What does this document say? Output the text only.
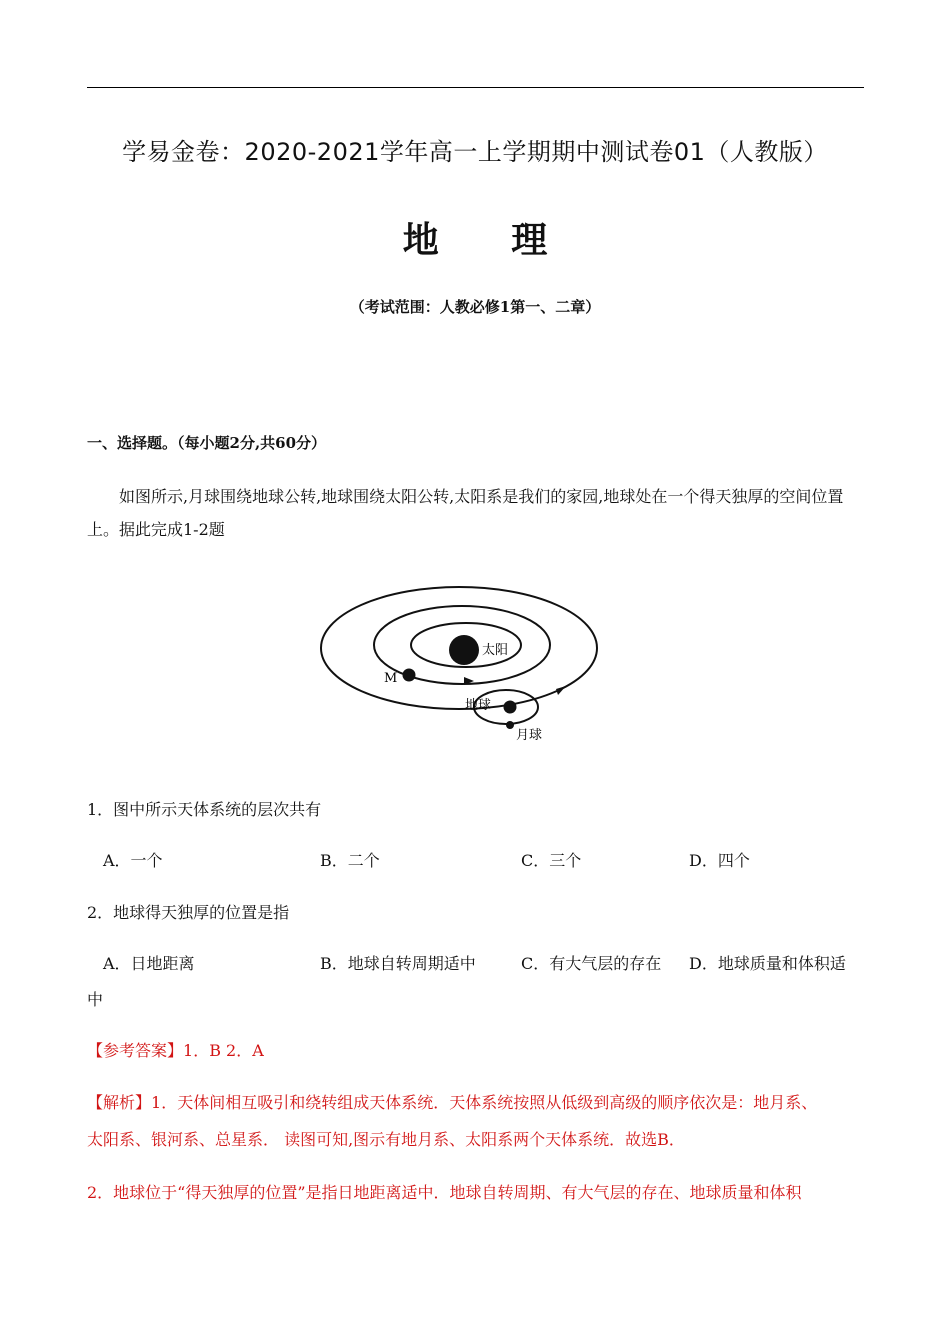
学易金卷：2020-2021学年高一上学期期中测试卷01（人教版）
地 理
（考试范围：人教必修1第一、二章）
一、选择题。（每小题2分,共60分）
如图所示,月球围绕地球公转,地球围绕太阳公转,太阳系是我们的家园,地球处在一个得天独厚的空间位置上。据此完成1-2题
太阳
M
地球
月球
1．图中所示天体系统的层次共有
A．一个	B．二个	C．三个	D．四个
2．地球得天独厚的位置是指
A．日地距离	B．地球自转周期适中	C．有大气层的存在 D．地球质量和体积适
中
【参考答案】1．B 2．A
【解析】1．天体间相互吸引和绕转组成天体系统．天体系统按照从低级到高级的顺序依次是：地月系、
太阳系、银河系、总星系． 读图可知,图示有地月系、太阳系两个天体系统．故选B．
2．地球位于“得天独厚的位置”是指日地距离适中．地球自转周期、有大气层的存在、地球质量和体积
